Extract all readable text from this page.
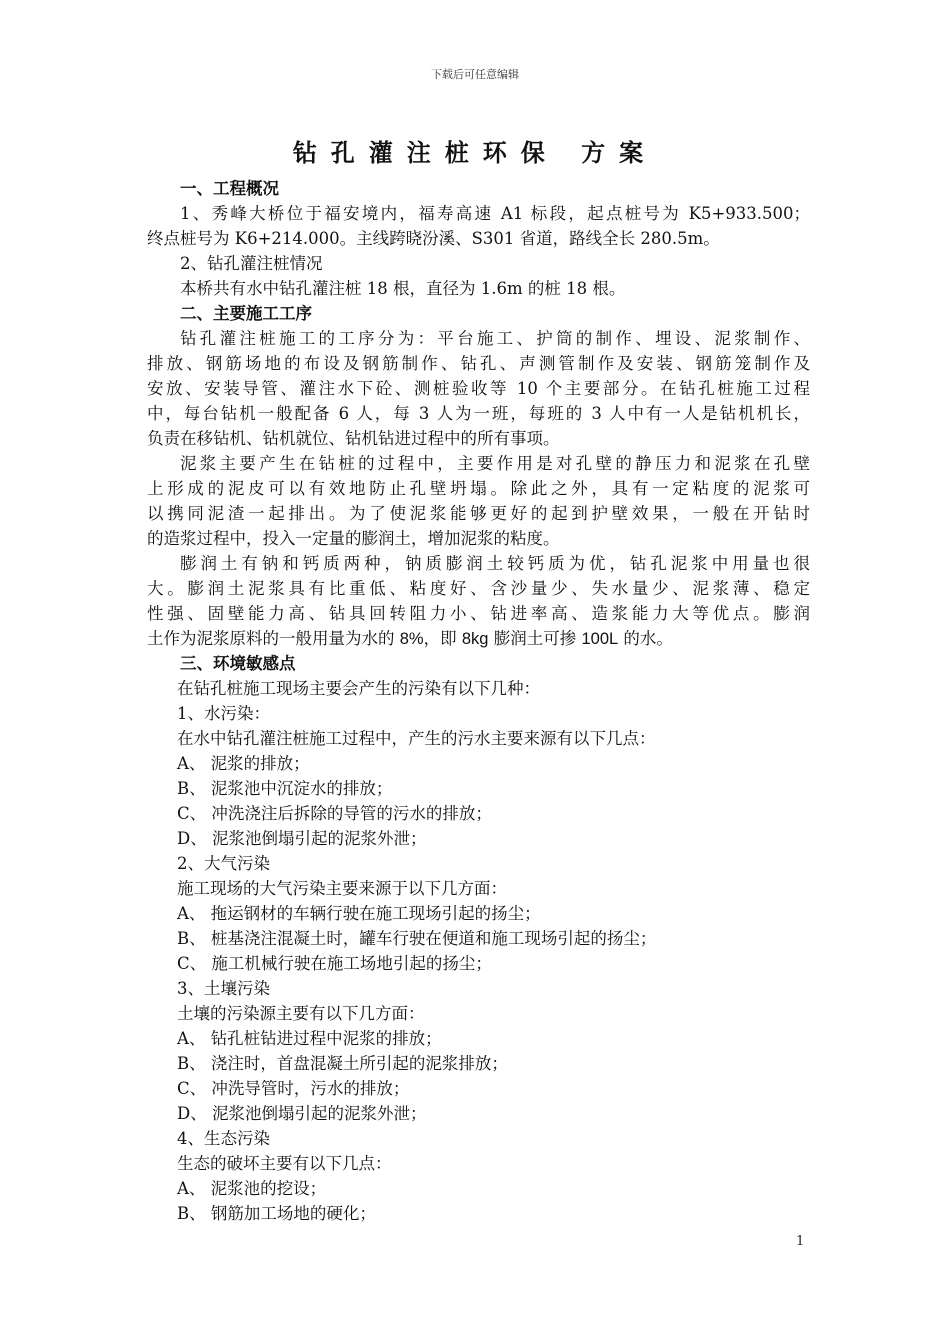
下载后可任意编辑
钻孔灌注桩环保 方案
一、工程概况
1、秀峰大桥位于福安境内，福寿高速 A1 标段，起点桩号为 K5+933.500；
终点桩号为 K6+214.000。主线跨晓汾溪、S301 省道，路线全长 280.5m。
2、钻孔灌注桩情况
本桥共有水中钻孔灌注桩 18 根，直径为 1.6m 的桩 18 根。
二、主要施工工序
钻孔灌注桩施工的工序分为：平台施工、护筒的制作、埋设、泥浆制作、
排放、钢筋场地的布设及钢筋制作、钻孔、声测管制作及安装、钢筋笼制作及
安放、安装导管、灌注水下砼、测桩验收等 10 个主要部分。在钻孔桩施工过程
中，每台钻机一般配备 6 人，每 3 人为一班，每班的 3 人中有一人是钻机机长，
负责在移钻机、钻机就位、钻机钻进过程中的所有事项。
泥浆主要产生在钻桩的过程中，主要作用是对孔壁的静压力和泥浆在孔壁
上形成的泥皮可以有效地防止孔壁坍塌。除此之外，具有一定粘度的泥浆可
以携同泥渣一起排出。为了使泥浆能够更好的起到护壁效果，一般在开钻时
的造浆过程中，投入一定量的膨润土，增加泥浆的粘度。
膨润土有钠和钙质两种，钠质膨润土较钙质为优，钻孔泥浆中用量也很
大。膨润土泥浆具有比重低、粘度好、含沙量少、失水量少、泥浆薄、稳定
性强、固壁能力高、钻具回转阻力小、钻进率高、造浆能力大等优点。膨润
土作为泥浆原料的一般用量为水的 8%，即 8kg 膨润土可掺 100L 的水。
三、环境敏感点
在钻孔桩施工现场主要会产生的污染有以下几种：
1、水污染：
在水中钻孔灌注桩施工过程中，产生的污水主要来源有以下几点：
A、 泥浆的排放；
B、 泥浆池中沉淀水的排放；
C、 冲洗浇注后拆除的导管的污水的排放；
D、 泥浆池倒塌引起的泥浆外泄；
2、大气污染
施工现场的大气污染主要来源于以下几方面：
A、 拖运钢材的车辆行驶在施工现场引起的扬尘；
B、 桩基浇注混凝土时，罐车行驶在便道和施工现场引起的扬尘；
C、 施工机械行驶在施工场地引起的扬尘；
3、土壤污染
土壤的污染源主要有以下几方面：
A、 钻孔桩钻进过程中泥浆的排放；
B、 浇注时，首盘混凝土所引起的泥浆排放；
C、 冲洗导管时，污水的排放；
D、 泥浆池倒塌引起的泥浆外泄；
4、生态污染
生态的破坏主要有以下几点：
A、 泥浆池的挖设；
B、 钢筋加工场地的硬化；
1
